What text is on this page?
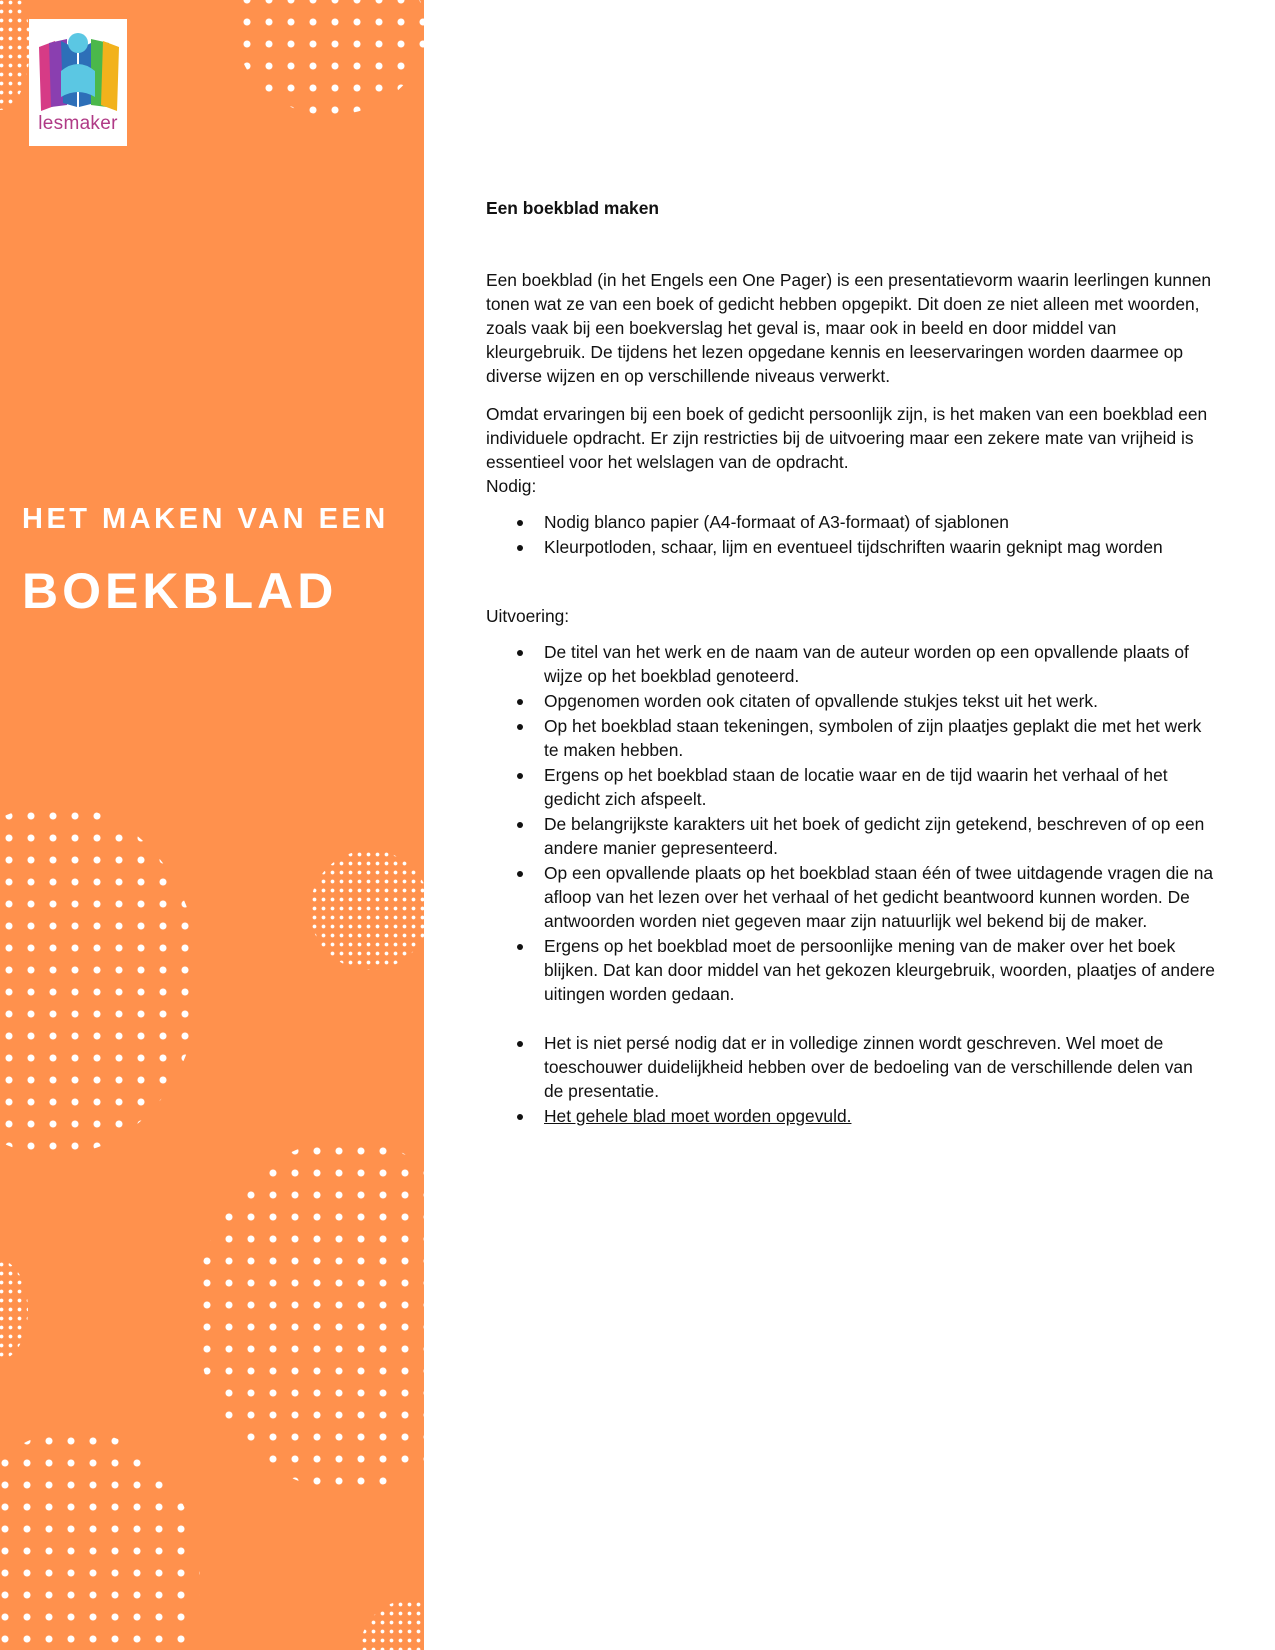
lesmaker
HET MAKEN VAN EEN
BOEKBLAD
Een boekblad maken

Een boekblad (in het Engels een One Pager) is een presentatievorm waarin leerlingen kunnen tonen wat ze van een boek of gedicht hebben opgepikt. Dit doen ze niet alleen met woorden, zoals vaak bij een boekverslag het geval is, maar ook in beeld en door middel van kleurgebruik. De tijdens het lezen opgedane kennis en leeservaringen worden daarmee op diverse wijzen en op verschillende niveaus verwerkt.

Omdat ervaringen bij een boek of gedicht persoonlijk zijn, is het maken van een boekblad een individuele opdracht. Er zijn restricties bij de uitvoering maar een zekere mate van vrijheid is essentieel voor het welslagen van de opdracht.

Nodig:

Nodig blanco papier (A4-formaat of A3-formaat) of sjablonen
Kleurpotloden, schaar, lijm en eventueel tijdschriften waarin geknipt mag worden

Uitvoering:

De titel van het werk en de naam van de auteur worden op een opvallende plaats of wijze op het boekblad genoteerd.
Opgenomen worden ook citaten of opvallende stukjes tekst uit het werk.
Op het boekblad staan tekeningen, symbolen of zijn plaatjes geplakt die met het werk te maken hebben.
Ergens op het boekblad staan de locatie waar en de tijd waarin het verhaal of het gedicht zich afspeelt.
De belangrijkste karakters uit het boek of gedicht zijn getekend, beschreven of op een andere manier gepresenteerd.
Op een opvallende plaats op het boekblad staan één of twee uitdagende vragen die na afloop van het lezen over het verhaal of het gedicht beantwoord kunnen worden. De antwoorden worden niet gegeven maar zijn natuurlijk wel bekend bij de maker.
Ergens op het boekblad moet de persoonlijke mening van de maker over het boek blijken. Dat kan door middel van het gekozen kleurgebruik, woorden, plaatjes of andere uitingen worden gedaan.
Het is niet persé nodig dat er in volledige zinnen wordt geschreven. Wel moet de toeschouwer duidelijkheid hebben over de bedoeling van de verschillende delen van de presentatie.
Het gehele blad moet worden opgevuld.
